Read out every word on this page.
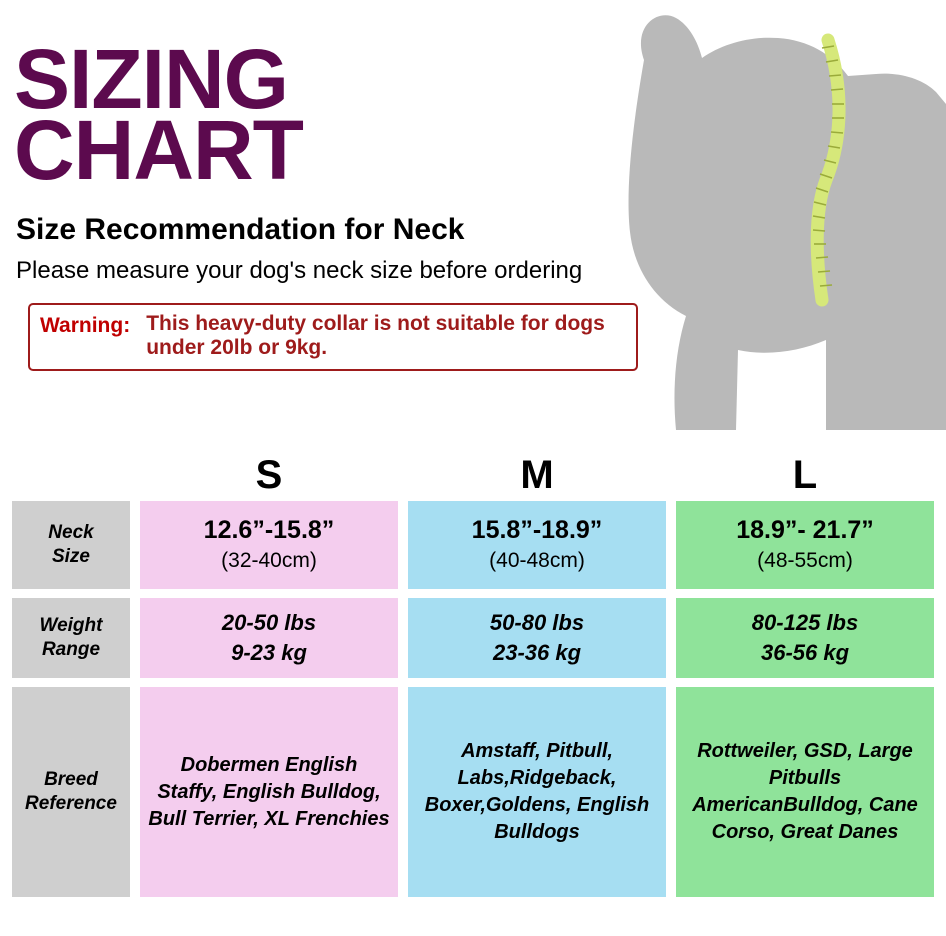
SIZING
CHART
Size Recommendation for Neck
Please measure your dog's neck size before ordering
Warning: This heavy-duty collar is not suitable for dogs under 20lb or 9kg.
S	M	L
Neck
Size
12.6”-15.8”
(32-40cm)
15.8”-18.9”
(40-48cm)
18.9”- 21.7”
(48-55cm)
Weight
Range
20-50 lbs
9-23 kg
50-80 lbs
23-36 kg
80-125 lbs
36-56 kg
Breed
Reference
Dobermen English Staffy, English Bulldog, Bull Terrier, XL Frenchies
Amstaff, Pitbull, Labs,Ridgeback, Boxer,Goldens, English Bulldogs
Rottweiler, GSD, Large Pitbulls AmericanBulldog, Cane Corso, Great Danes
